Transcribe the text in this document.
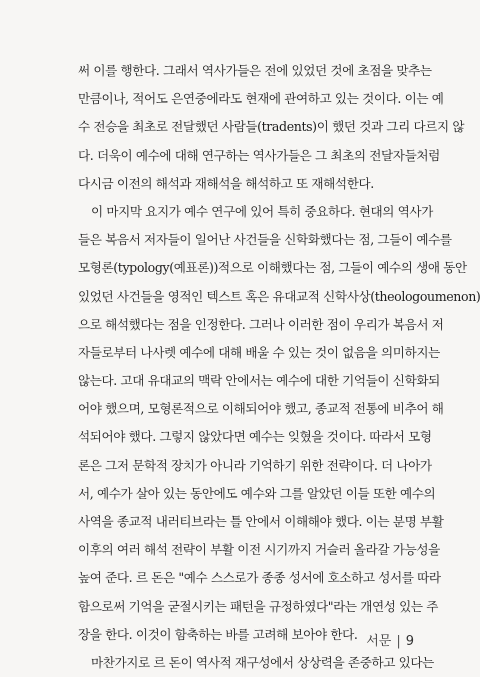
써 이를 행한다. 그래서 역사가들은 전에 있었던 것에 초점을 맞추는
만큼이나, 적어도 은연중에라도 현재에 관여하고 있는 것이다. 이는 예
수 전승을 최초로 전달했던 사람들(tradents)이 했던 것과 그리 다르지 않
다. 더욱이 예수에 대해 연구하는 역사가들은 그 최초의 전달자들처럼
다시금 이전의 해석과 재해석을 해석하고 또 재해석한다.
이 마지막 요지가 예수 연구에 있어 특히 중요하다. 현대의 역사가
들은 복음서 저자들이 일어난 사건들을 신학화했다는 점, 그들이 예수를
모형론(typology(예표론))적으로 이해했다는 점, 그들이 예수의 생애 동안
있었던 사건들을 영적인 텍스트 혹은 유대교적 신학사상(theologoumenon)
으로 해석했다는 점을 인정한다. 그러나 이러한 점이 우리가 복음서 저
자들로부터 나사렛 예수에 대해 배울 수 있는 것이 없음을 의미하지는
않는다. 고대 유대교의 맥락 안에서는 예수에 대한 기억들이 신학화되
어야 했으며, 모형론적으로 이해되어야 했고, 종교적 전통에 비추어 해
석되어야 했다. 그렇지 않았다면 예수는 잊혔을 것이다. 따라서 모형
론은 그저 문학적 장치가 아니라 기억하기 위한 전략이다. 더 나아가
서, 예수가 살아 있는 동안에도 예수와 그를 알았던 이들 또한 예수의
사역을 종교적 내러티브라는 틀 안에서 이해해야 했다. 이는 분명 부활
이후의 여러 해석 전략이 부활 이전 시기까지 거슬러 올라갈 가능성을
높여 준다. 르 돈은 "예수 스스로가 종종 성서에 호소하고 성서를 따라
함으로써 기억을 굳절시키는 패턴을 규정하였다"라는 개연성 있는 주
장을 한다. 이것이 함축하는 바를 고려해 보아야 한다.
마찬가지로 르 돈이 역사적 재구성에서 상상력을 존중하고 있다는
서문 | 9
